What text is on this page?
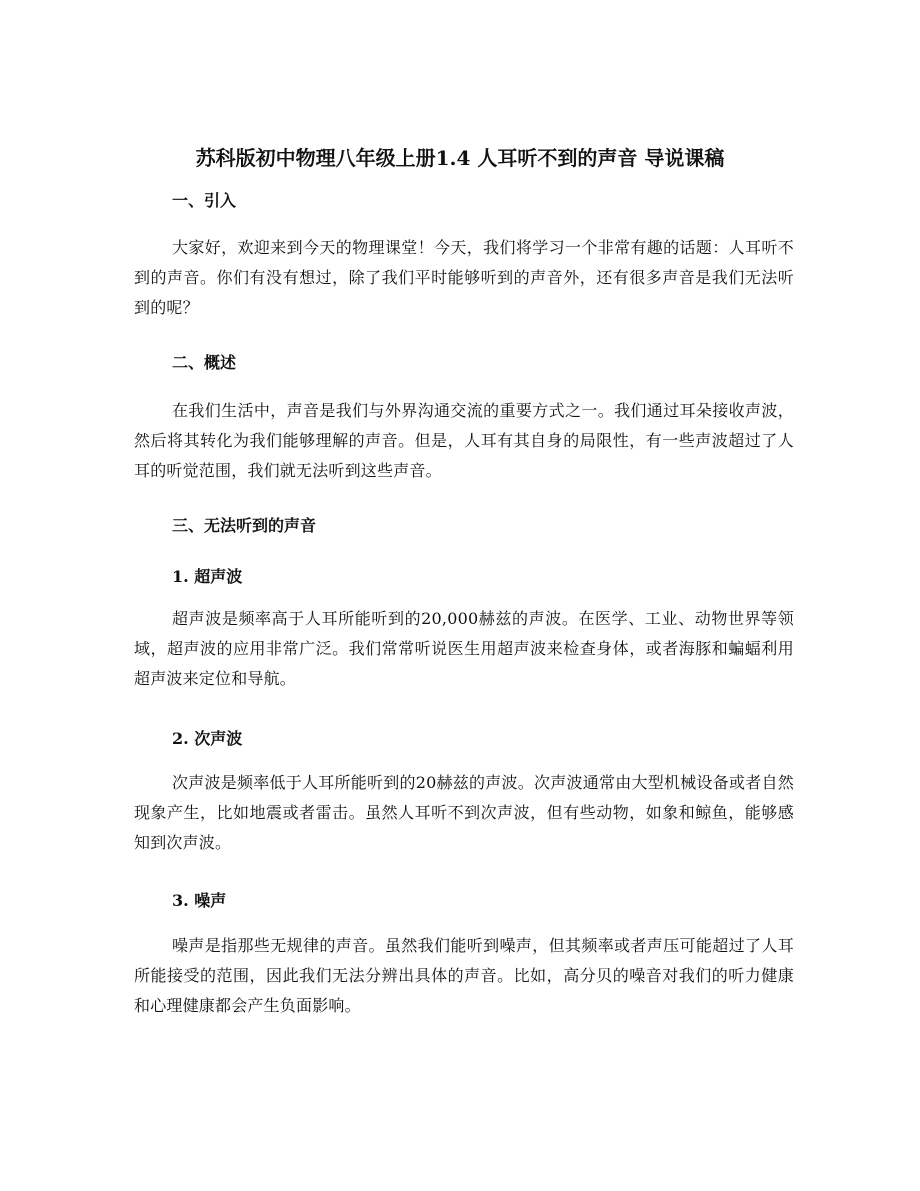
苏科版初中物理八年级上册1.4 人耳听不到的声音 导说课稿
一、引入
大家好，欢迎来到今天的物理课堂！今天，我们将学习一个非常有趣的话题：人耳听不到的声音。你们有没有想过，除了我们平时能够听到的声音外，还有很多声音是我们无法听到的呢？
二、概述
在我们生活中，声音是我们与外界沟通交流的重要方式之一。我们通过耳朵接收声波，然后将其转化为我们能够理解的声音。但是，人耳有其自身的局限性，有一些声波超过了人耳的听觉范围，我们就无法听到这些声音。
三、无法听到的声音
1. 超声波
超声波是频率高于人耳所能听到的20,000赫兹的声波。在医学、工业、动物世界等领域，超声波的应用非常广泛。我们常常听说医生用超声波来检查身体，或者海豚和蝙蝠利用超声波来定位和导航。
2. 次声波
次声波是频率低于人耳所能听到的20赫兹的声波。次声波通常由大型机械设备或者自然现象产生，比如地震或者雷击。虽然人耳听不到次声波，但有些动物，如象和鲸鱼，能够感知到次声波。
3. 噪声
噪声是指那些无规律的声音。虽然我们能听到噪声，但其频率或者声压可能超过了人耳所能接受的范围，因此我们无法分辨出具体的声音。比如，高分贝的噪音对我们的听力健康和心理健康都会产生负面影响。
